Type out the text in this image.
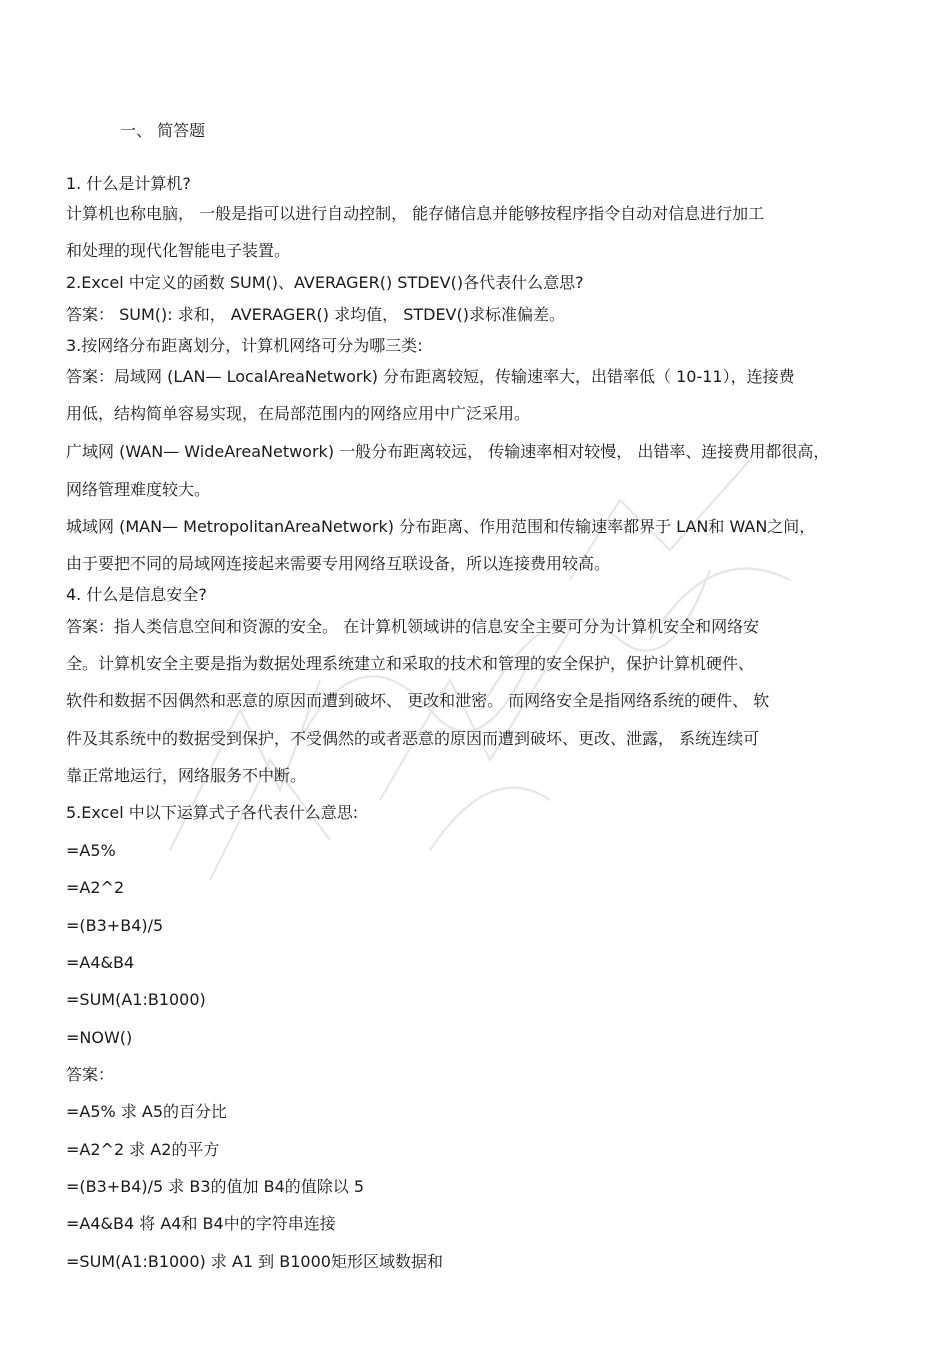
一、 简答题

1. 什么是计算机?

计算机也称电脑， 一般是指可以进行自动控制， 能存储信息并能够按程序指令自动对信息进行加工

和处理的现代化智能电子装置。

2.Excel 中定义的函数 SUM()、AVERAGER() STDEV()各代表什么意思?

答案： SUM(): 求和， AVERAGER() 求均值， STDEV()求标准偏差。

3.按网络分布距离划分，计算机网络可分为哪三类:

答案：局域网 (LAN— LocalAreaNetwork) 分布距离较短，传输速率大，出错率低（ 10-11），连接费

用低，结构简单容易实现，在局部范围内的网络应用中广泛采用。

广域网 (WAN— WideAreaNetwork) 一般分布距离较远， 传输速率相对较慢， 出错率、连接费用都很高，

网络管理难度较大。

城域网 (MAN— MetropolitanAreaNetwork) 分布距离、作用范围和传输速率都界于 LAN和 WAN之间，

由于要把不同的局域网连接起来需要专用网络互联设备，所以连接费用较高。

4. 什么是信息安全?

答案：指人类信息空间和资源的安全。 在计算机领域讲的信息安全主要可分为计算机安全和网络安

全。计算机安全主要是指为数据处理系统建立和采取的技术和管理的安全保护，保护计算机硬件、

软件和数据不因偶然和恶意的原因而遭到破坏、 更改和泄密。 而网络安全是指网络系统的硬件、 软

件及其系统中的数据受到保护，不受偶然的或者恶意的原因而遭到破坏、更改、泄露， 系统连续可

靠正常地运行，网络服务不中断。

5.Excel 中以下运算式子各代表什么意思:

=A5%

=A2^2

=(B3+B4)/5

=A4&B4

=SUM(A1:B1000)

=NOW()

答案：

=A5% 求 A5的百分比

=A2^2 求 A2的平方

=(B3+B4)/5 求 B3的值加 B4的值除以 5

=A4&B4 将 A4和 B4中的字符串连接

=SUM(A1:B1000) 求 A1 到 B1000矩形区域数据和
